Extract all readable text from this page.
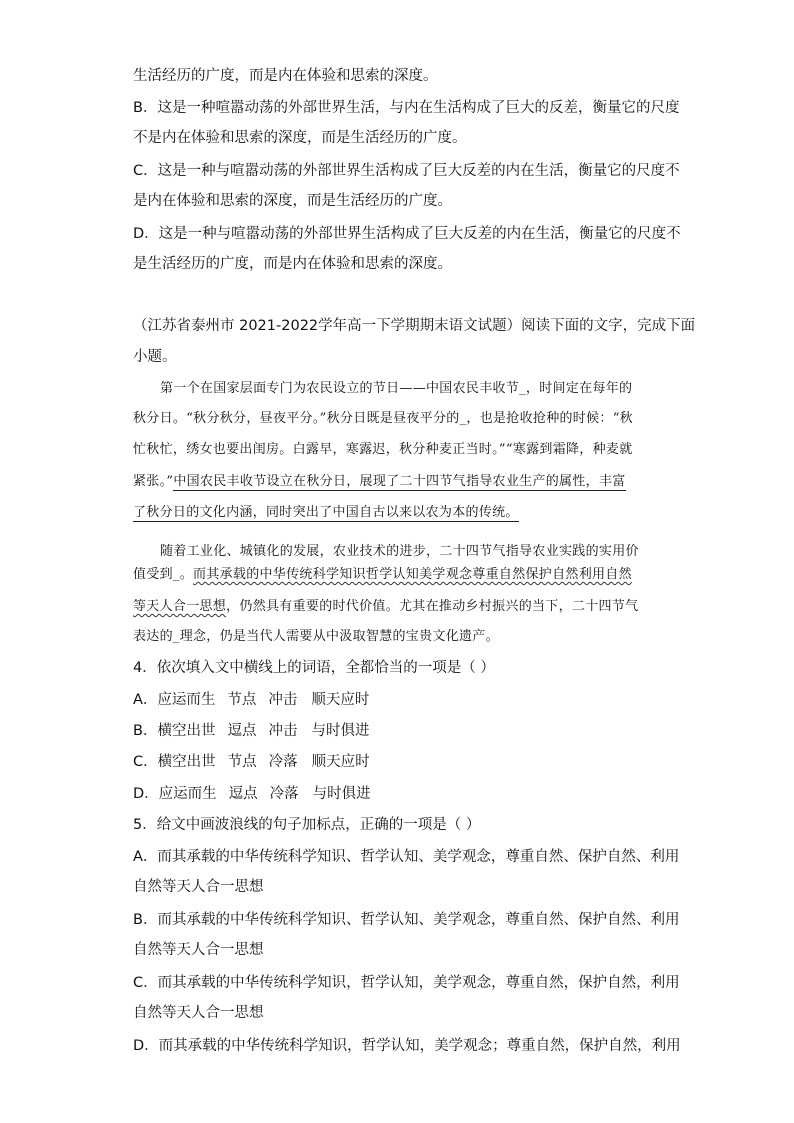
生活经历的广度，而是内在体验和思索的深度。
B．这是一种喧嚣动荡的外部世界生活，与内在生活构成了巨大的反差，衡量它的尺度
不是内在体验和思索的深度，而是生活经历的广度。
C．这是一种与喧嚣动荡的外部世界生活构成了巨大反差的内在生活，衡量它的尺度不
是内在体验和思索的深度，而是生活经历的广度。
D．这是一种与喧嚣动荡的外部世界生活构成了巨大反差的内在生活，衡量它的尺度不
是生活经历的广度，而是内在体验和思索的深度。
（江苏省泰州市 2021-2022学年高一下学期期末语文试题）阅读下面的文字，完成下面
小题。
第一个在国家层面专门为农民设立的节日——中国农民丰收节_，时间定在每年的
秋分日。“秋分秋分，昼夜平分。”秋分日既是昼夜平分的_，也是抢收抢种的时候：“秋
忙秋忙，绣女也要出闺房。白露早，寒露迟，秋分种麦正当时。”“寒露到霜降，种麦就
紧张。”中国农民丰收节设立在秋分日，展现了二十四节气指导农业生产的属性，丰富
了秋分日的文化内涵，同时突出了中国自古以来以农为本的传统。
随着工业化、城镇化的发展，农业技术的进步，二十四节气指导农业实践的实用价
值受到_。而其承载的中华传统科学知识哲学认知美学观念尊重自然保护自然利用自然
等天人合一思想，仍然具有重要的时代价值。尤其在推动乡村振兴的当下，二十四节气
表达的_理念，仍是当代人需要从中汲取智慧的宝贵文化遗产。
4．依次填入文中横线上的词语，全都恰当的一项是（ ）
A．应运而生 节点 冲击 顺天应时
B．横空出世 逗点 冲击 与时俱进
C．横空出世 节点 冷落 顺天应时
D．应运而生 逗点 冷落 与时俱进
5．给文中画波浪线的句子加标点，正确的一项是（ ）
A．而其承载的中华传统科学知识、哲学认知、美学观念，尊重自然、保护自然、利用
自然等天人合一思想
B．而其承载的中华传统科学知识、哲学认知、美学观念，尊重自然、保护自然、利用
自然等天人合一思想
C．而其承载的中华传统科学知识，哲学认知，美学观念，尊重自然，保护自然，利用
自然等天人合一思想
D．而其承载的中华传统科学知识，哲学认知，美学观念；尊重自然，保护自然，利用
